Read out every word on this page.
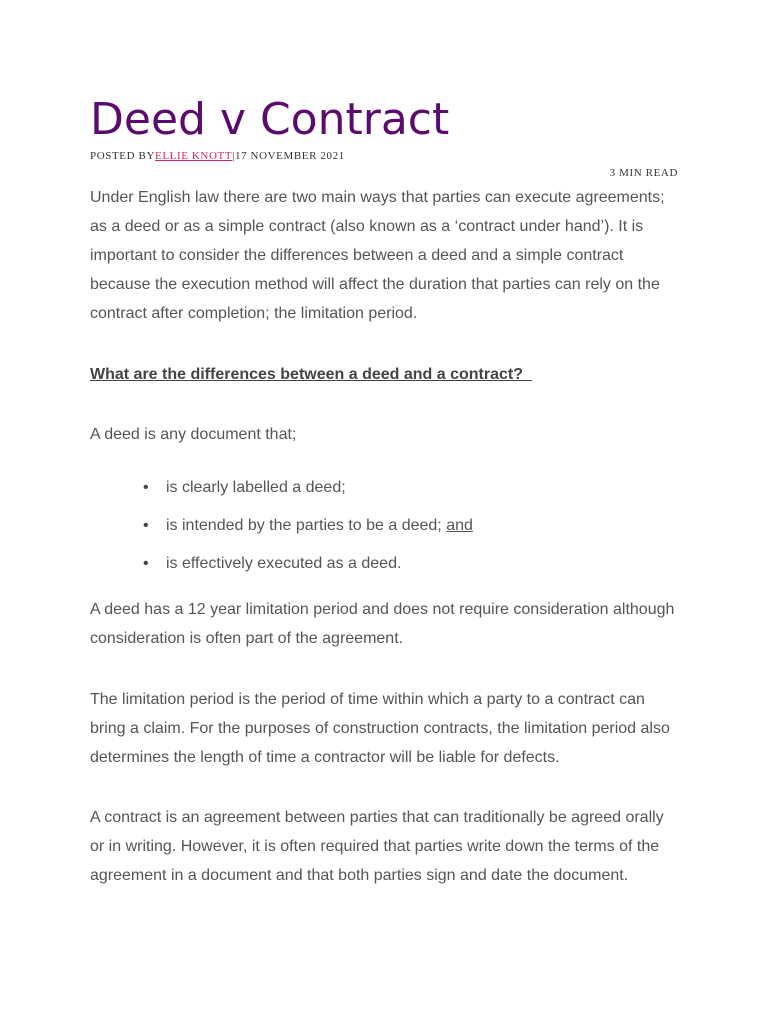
Deed v Contract
POSTED BYELLIE KNOTT|17 NOVEMBER 2021
3 MIN READ

Under English law there are two main ways that parties can execute agreements; as a deed or as a simple contract (also known as a ‘contract under hand’). It is important to consider the differences between a deed and a simple contract because the execution method will affect the duration that parties can rely on the contract after completion; the limitation period.

What are the differences between a deed and a contract?

A deed is any document that;

• is clearly labelled a deed;
• is intended by the parties to be a deed; and
• is effectively executed as a deed.

A deed has a 12 year limitation period and does not require consideration although consideration is often part of the agreement.

The limitation period is the period of time within which a party to a contract can bring a claim. For the purposes of construction contracts, the limitation period also determines the length of time a contractor will be liable for defects.

A contract is an agreement between parties that can traditionally be agreed orally or in writing. However, it is often required that parties write down the terms of the agreement in a document and that both parties sign and date the document.
